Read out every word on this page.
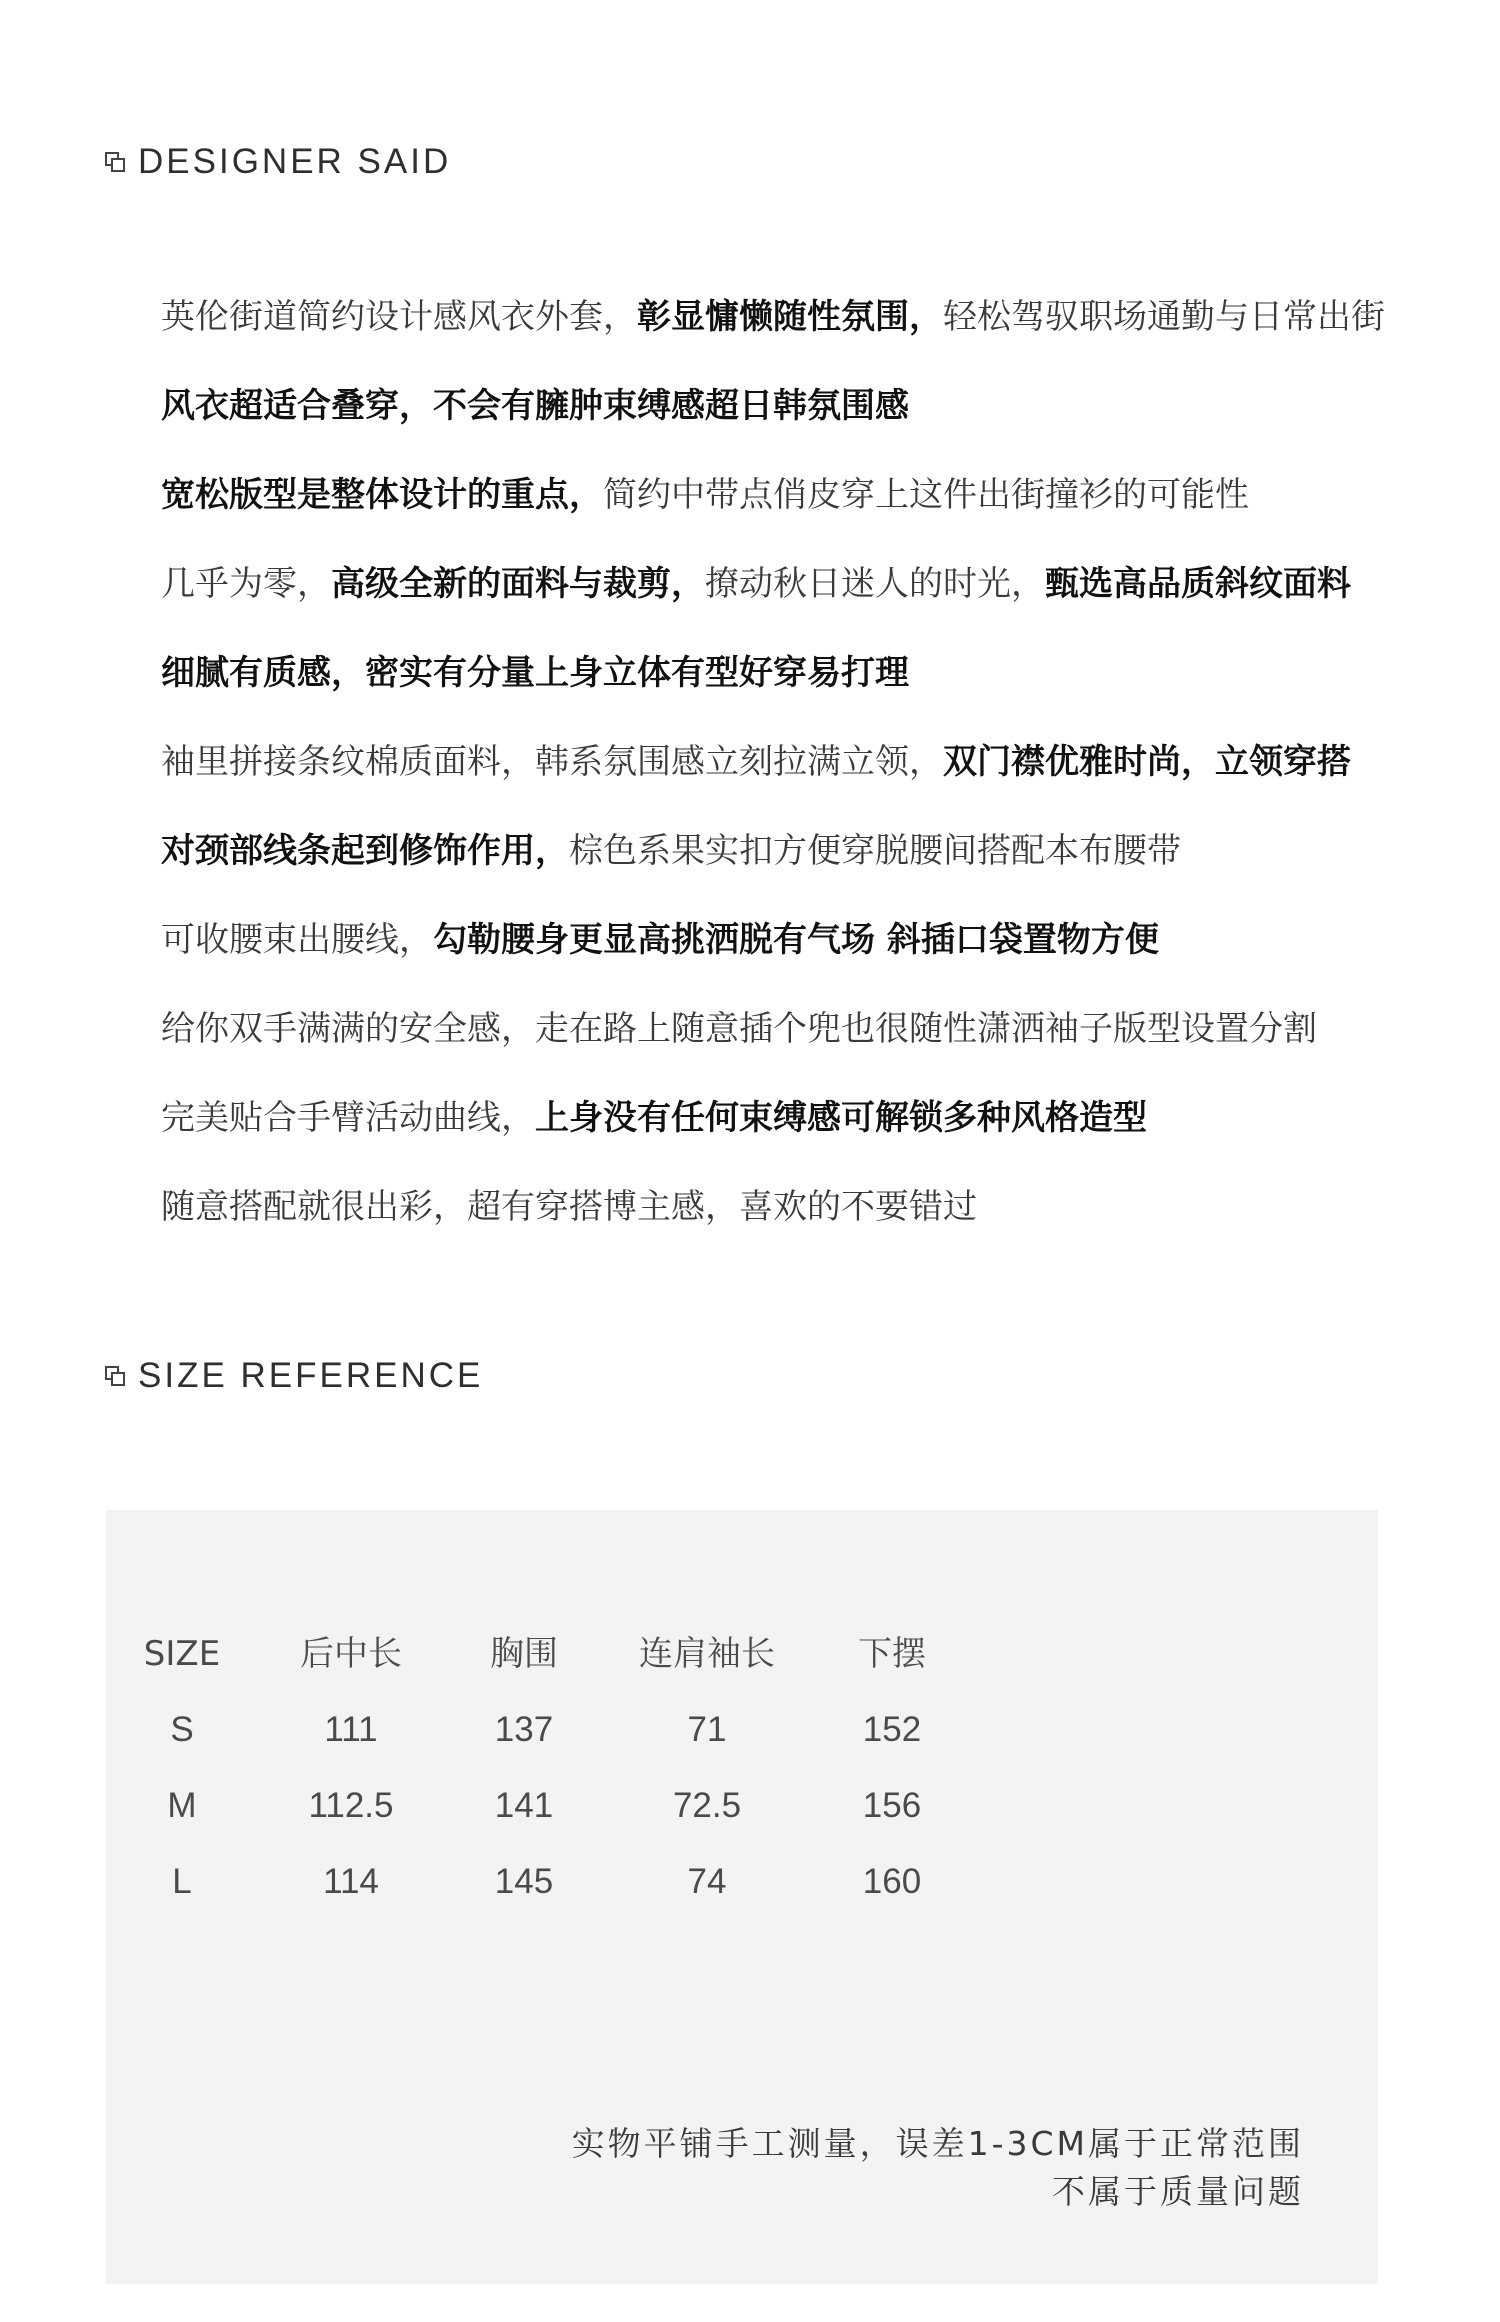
DESIGNER SAID
英伦街道简约设计感风衣外套，彰显慵懒随性氛围，轻松驾驭职场通勤与日常出街
风衣超适合叠穿，不会有臃肿束缚感超日韩氛围感
宽松版型是整体设计的重点，简约中带点俏皮穿上这件出街撞衫的可能性
几乎为零，高级全新的面料与裁剪，撩动秋日迷人的时光，甄选高品质斜纹面料
细腻有质感，密实有分量上身立体有型好穿易打理
袖里拼接条纹棉质面料，韩系氛围感立刻拉满立领，双门襟优雅时尚，立领穿搭
对颈部线条起到修饰作用，棕色系果实扣方便穿脱腰间搭配本布腰带
可收腰束出腰线，勾勒腰身更显高挑洒脱有气场 斜插口袋置物方便
给你双手满满的安全感，走在路上随意插个兜也很随性潇洒袖子版型设置分割
完美贴合手臂活动曲线，上身没有任何束缚感可解锁多种风格造型
随意搭配就很出彩，超有穿搭博主感，喜欢的不要错过
SIZE REFERENCE
SIZE	后中长	胸围	连肩袖长	下摆
S	111	137	71	152
M	112.5	141	72.5	156
L	114	145	74	160
实物平铺手工测量，误差1-3CM属于正常范围
不属于质量问题
